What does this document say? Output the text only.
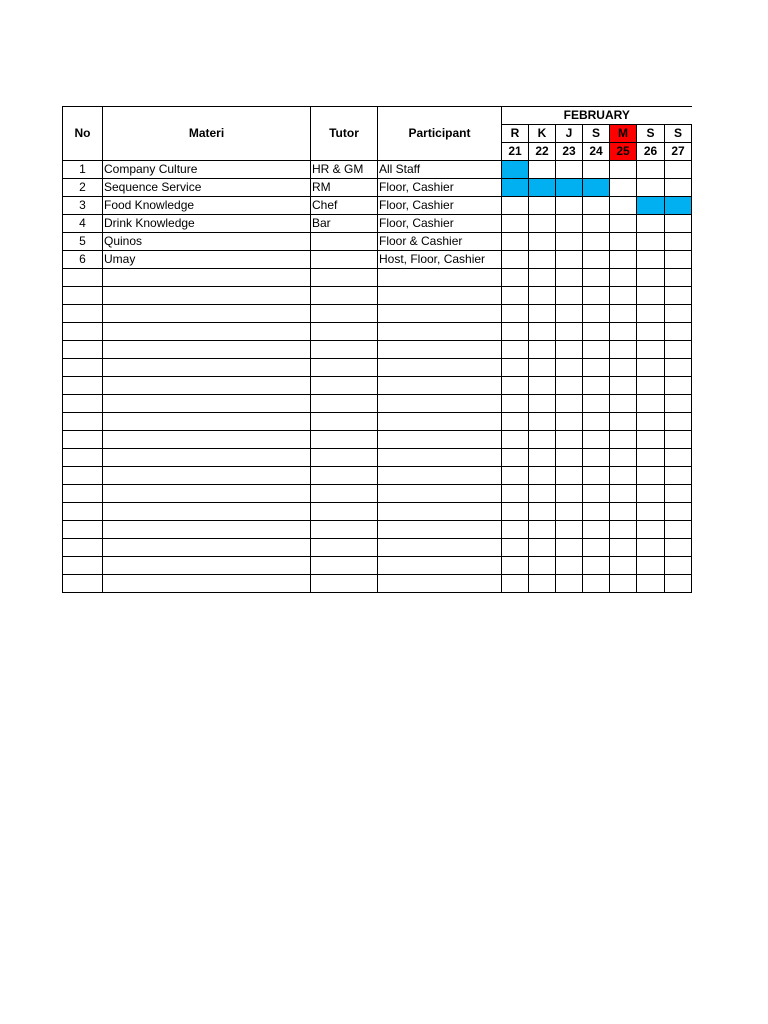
No	Materi	Tutor	Participant	FEBRUARY						
				R	K	J	S	M	S	S
				21	22	23	24	25	26	27
1	Company Culture	HR & GM	All Staff							
2	Sequence Service	RM	Floor, Cashier							
3	Food Knowledge	Chef	Floor, Cashier							
4	Drink Knowledge	Bar	Floor, Cashier							
5	Quinos		Floor & Cashier							
6	Umay		Host, Floor, Cashier							
